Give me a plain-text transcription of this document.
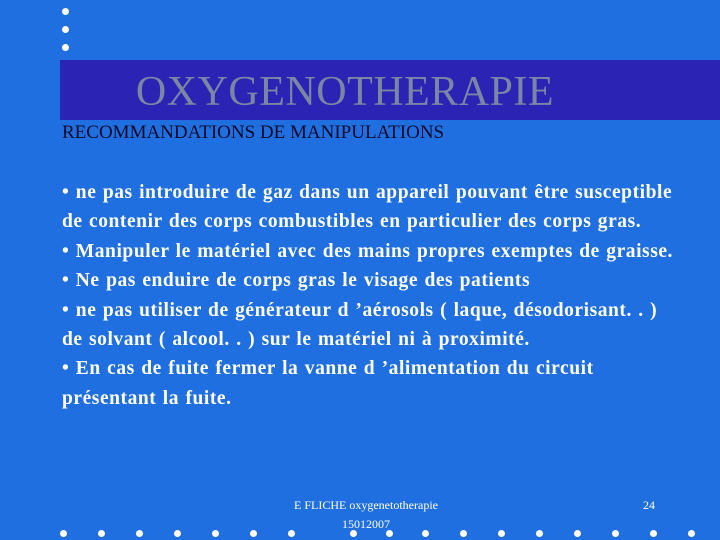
OXYGENOTHERAPIE
RECOMMANDATIONS DE MANIPULATIONS

• ne pas introduire de gaz dans un appareil pouvant être susceptible de contenir des corps combustibles en particulier des corps gras.

• Manipuler le matériel avec des mains propres exemptes de graisse.

• Ne pas enduire de corps gras le visage des patients

• ne pas utiliser de générateur d ’aérosols ( laque, désodorisant. . ) de solvant ( alcool. . ) sur le matériel ni à proximité.

• En cas de fuite fermer la vanne d ’alimentation du circuit présentant la fuite.

E FLICHE oxygenetotherapie 15012007
24
